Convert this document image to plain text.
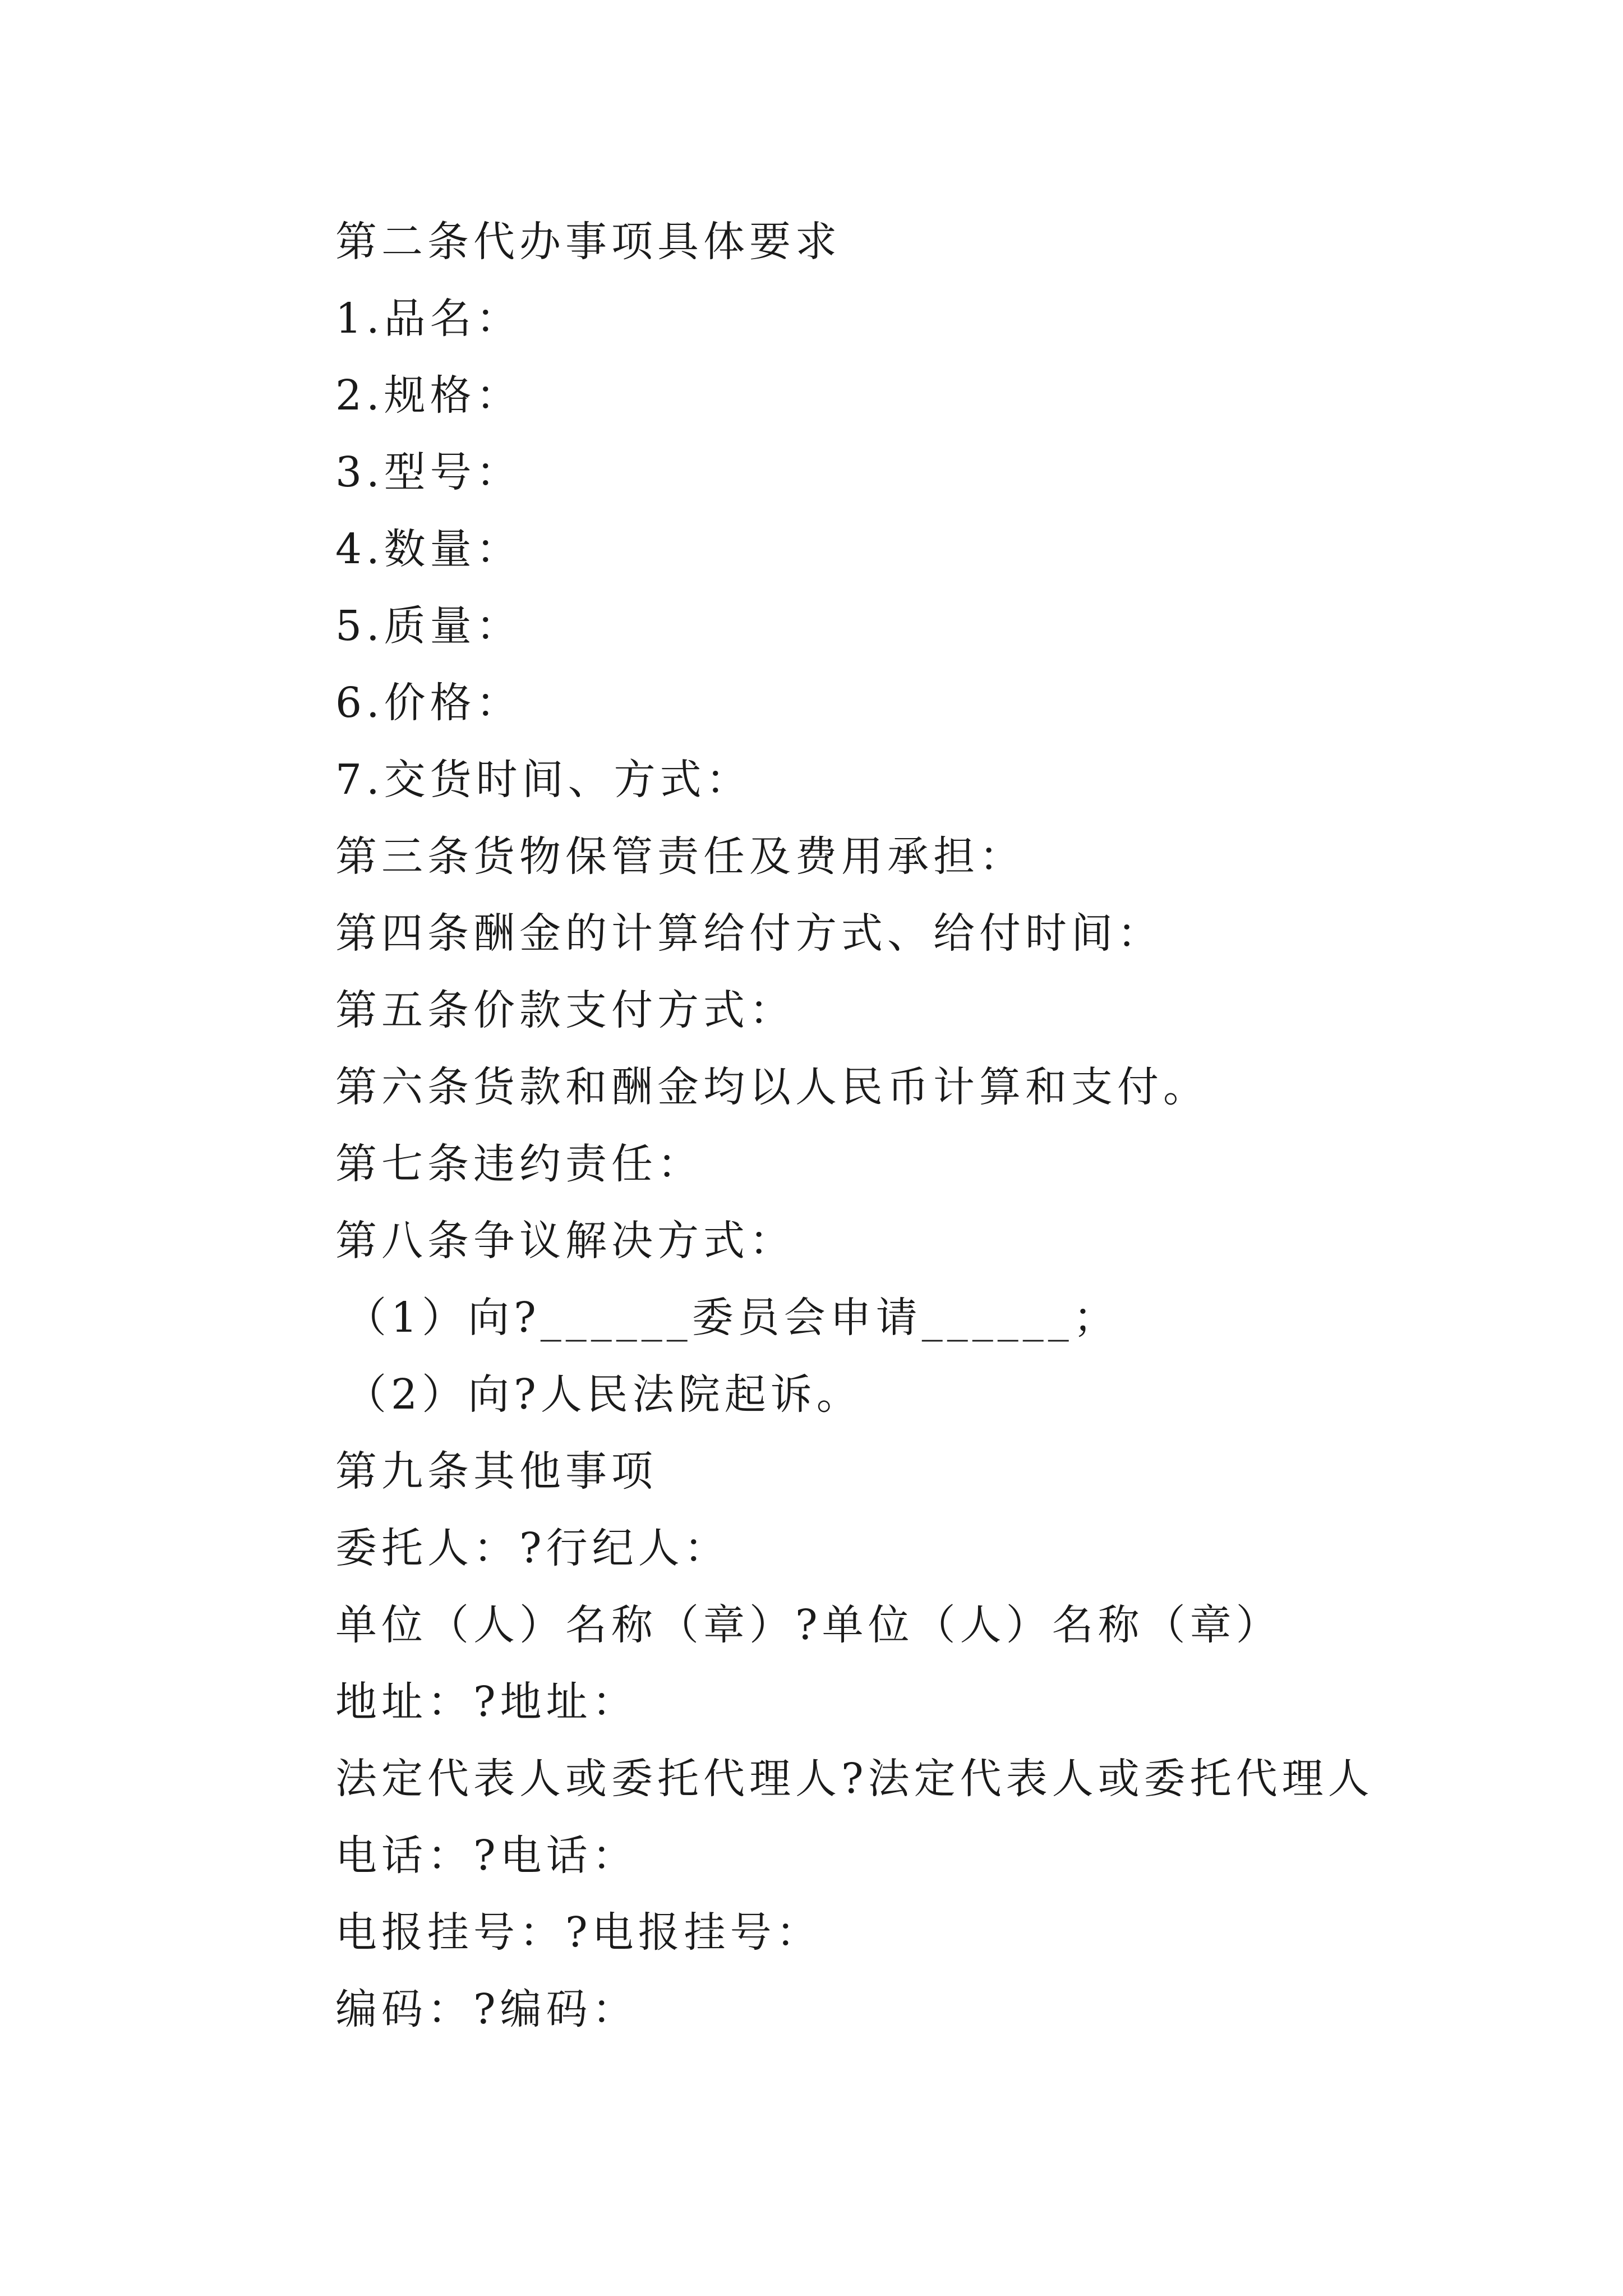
第二条代办事项具体要求

1.品名：

2.规格：

3.型号：

4.数量：

5.质量：

6.价格：

7.交货时间、方式：

第三条货物保管责任及费用承担：

第四条酬金的计算给付方式、给付时间：

第五条价款支付方式：

第六条货款和酬金均以人民币计算和支付。

第七条违约责任：

第八条争议解决方式：

（1）向?______委员会申请______；

（2）向?人民法院起诉。

第九条其他事项

委托人：?行纪人：

单位（人）名称（章）?单位（人）名称（章）

地址：?地址：

法定代表人或委托代理人?法定代表人或委托代理人

电话：?电话：

电报挂号：?电报挂号：

编码：?编码：
